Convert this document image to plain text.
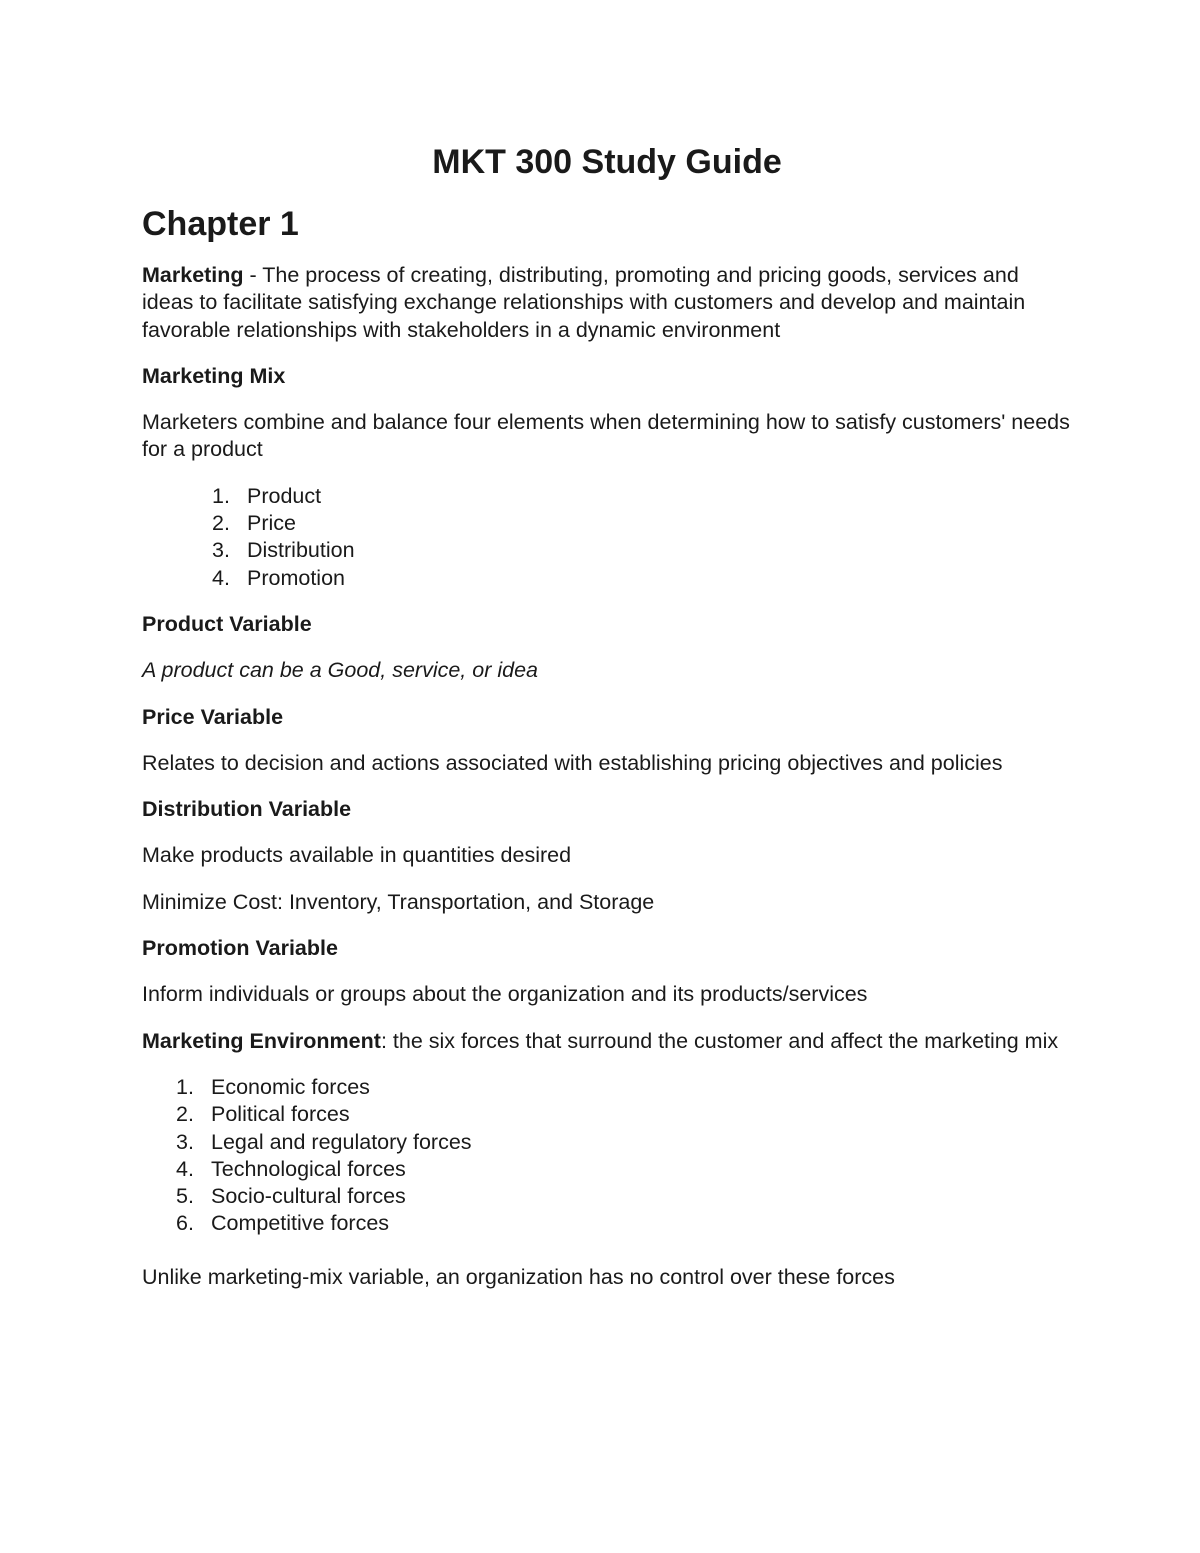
MKT 300 Study Guide
Chapter 1

Marketing - The process of creating, distributing, promoting and pricing goods, services and ideas to facilitate satisfying exchange relationships with customers and develop and maintain favorable relationships with stakeholders in a dynamic environment

Marketing Mix

Marketers combine and balance four elements when determining how to satisfy customers' needs for a product

1. Product
2. Price
3. Distribution
4. Promotion

Product Variable

A product can be a Good, service, or idea

Price Variable

Relates to decision and actions associated with establishing pricing objectives and policies

Distribution Variable

Make products available in quantities desired

Minimize Cost: Inventory, Transportation, and Storage

Promotion Variable

Inform individuals or groups about the organization and its products/services

Marketing Environment: the six forces that surround the customer and affect the marketing mix

1. Economic forces
2. Political forces
3. Legal and regulatory forces
4. Technological forces
5. Socio-cultural forces
6. Competitive forces

Unlike marketing-mix variable, an organization has no control over these forces
